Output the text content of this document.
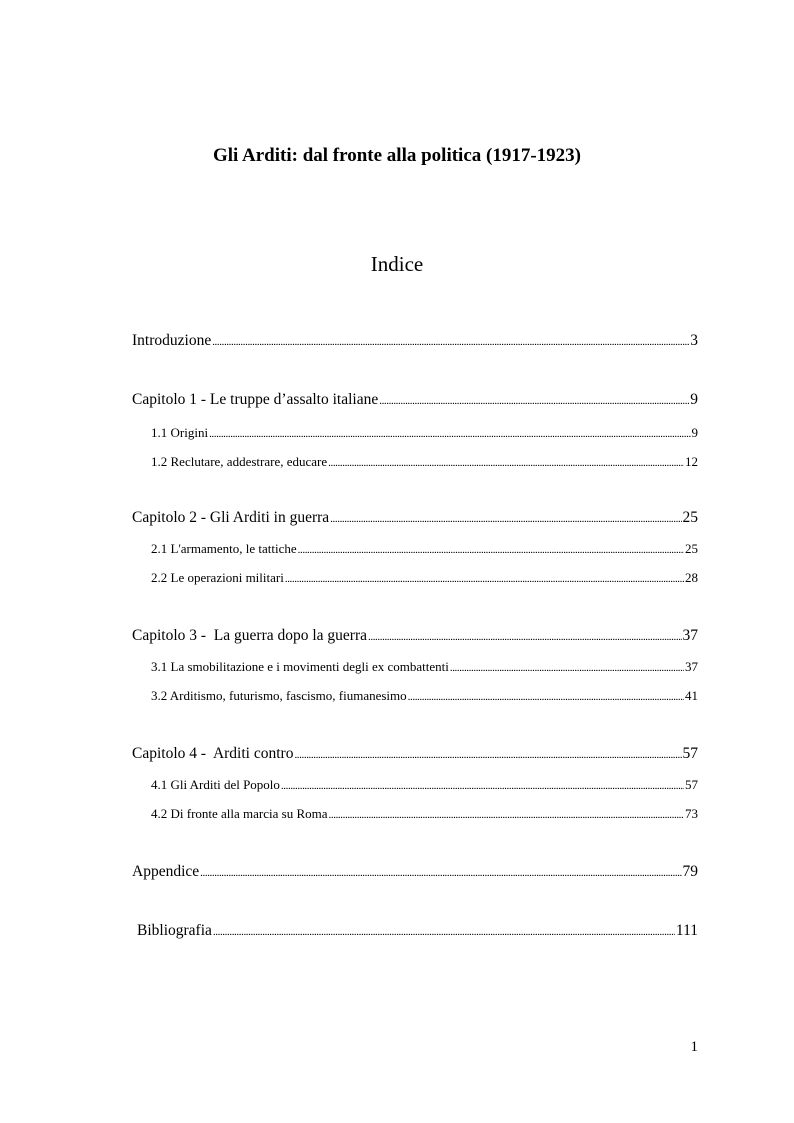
Gli Arditi: dal fronte alla politica (1917-1923)
Indice
Introduzione .....	3
Capitolo 1 - Le truppe d’assalto italiane .....	9
1.1 Origini .....	9
1.2 Reclutare, addestrare, educare .....	12
Capitolo 2 - Gli Arditi in guerra .....	25
2.1 L'armamento, le tattiche .....	25
2.2 Le operazioni militari .....	28
Capitolo 3 -  La guerra dopo la guerra .....	37
3.1 La smobilitazione e i movimenti degli ex combattenti .....	37
3.2 Arditismo, futurismo, fascismo, fiumanesimo .....	41
Capitolo 4 -  Arditi contro .....	57
4.1 Gli Arditi del Popolo .....	57
4.2 Di fronte alla marcia su Roma .....	73
Appendice .....	79
Bibliografia .....	111

1
